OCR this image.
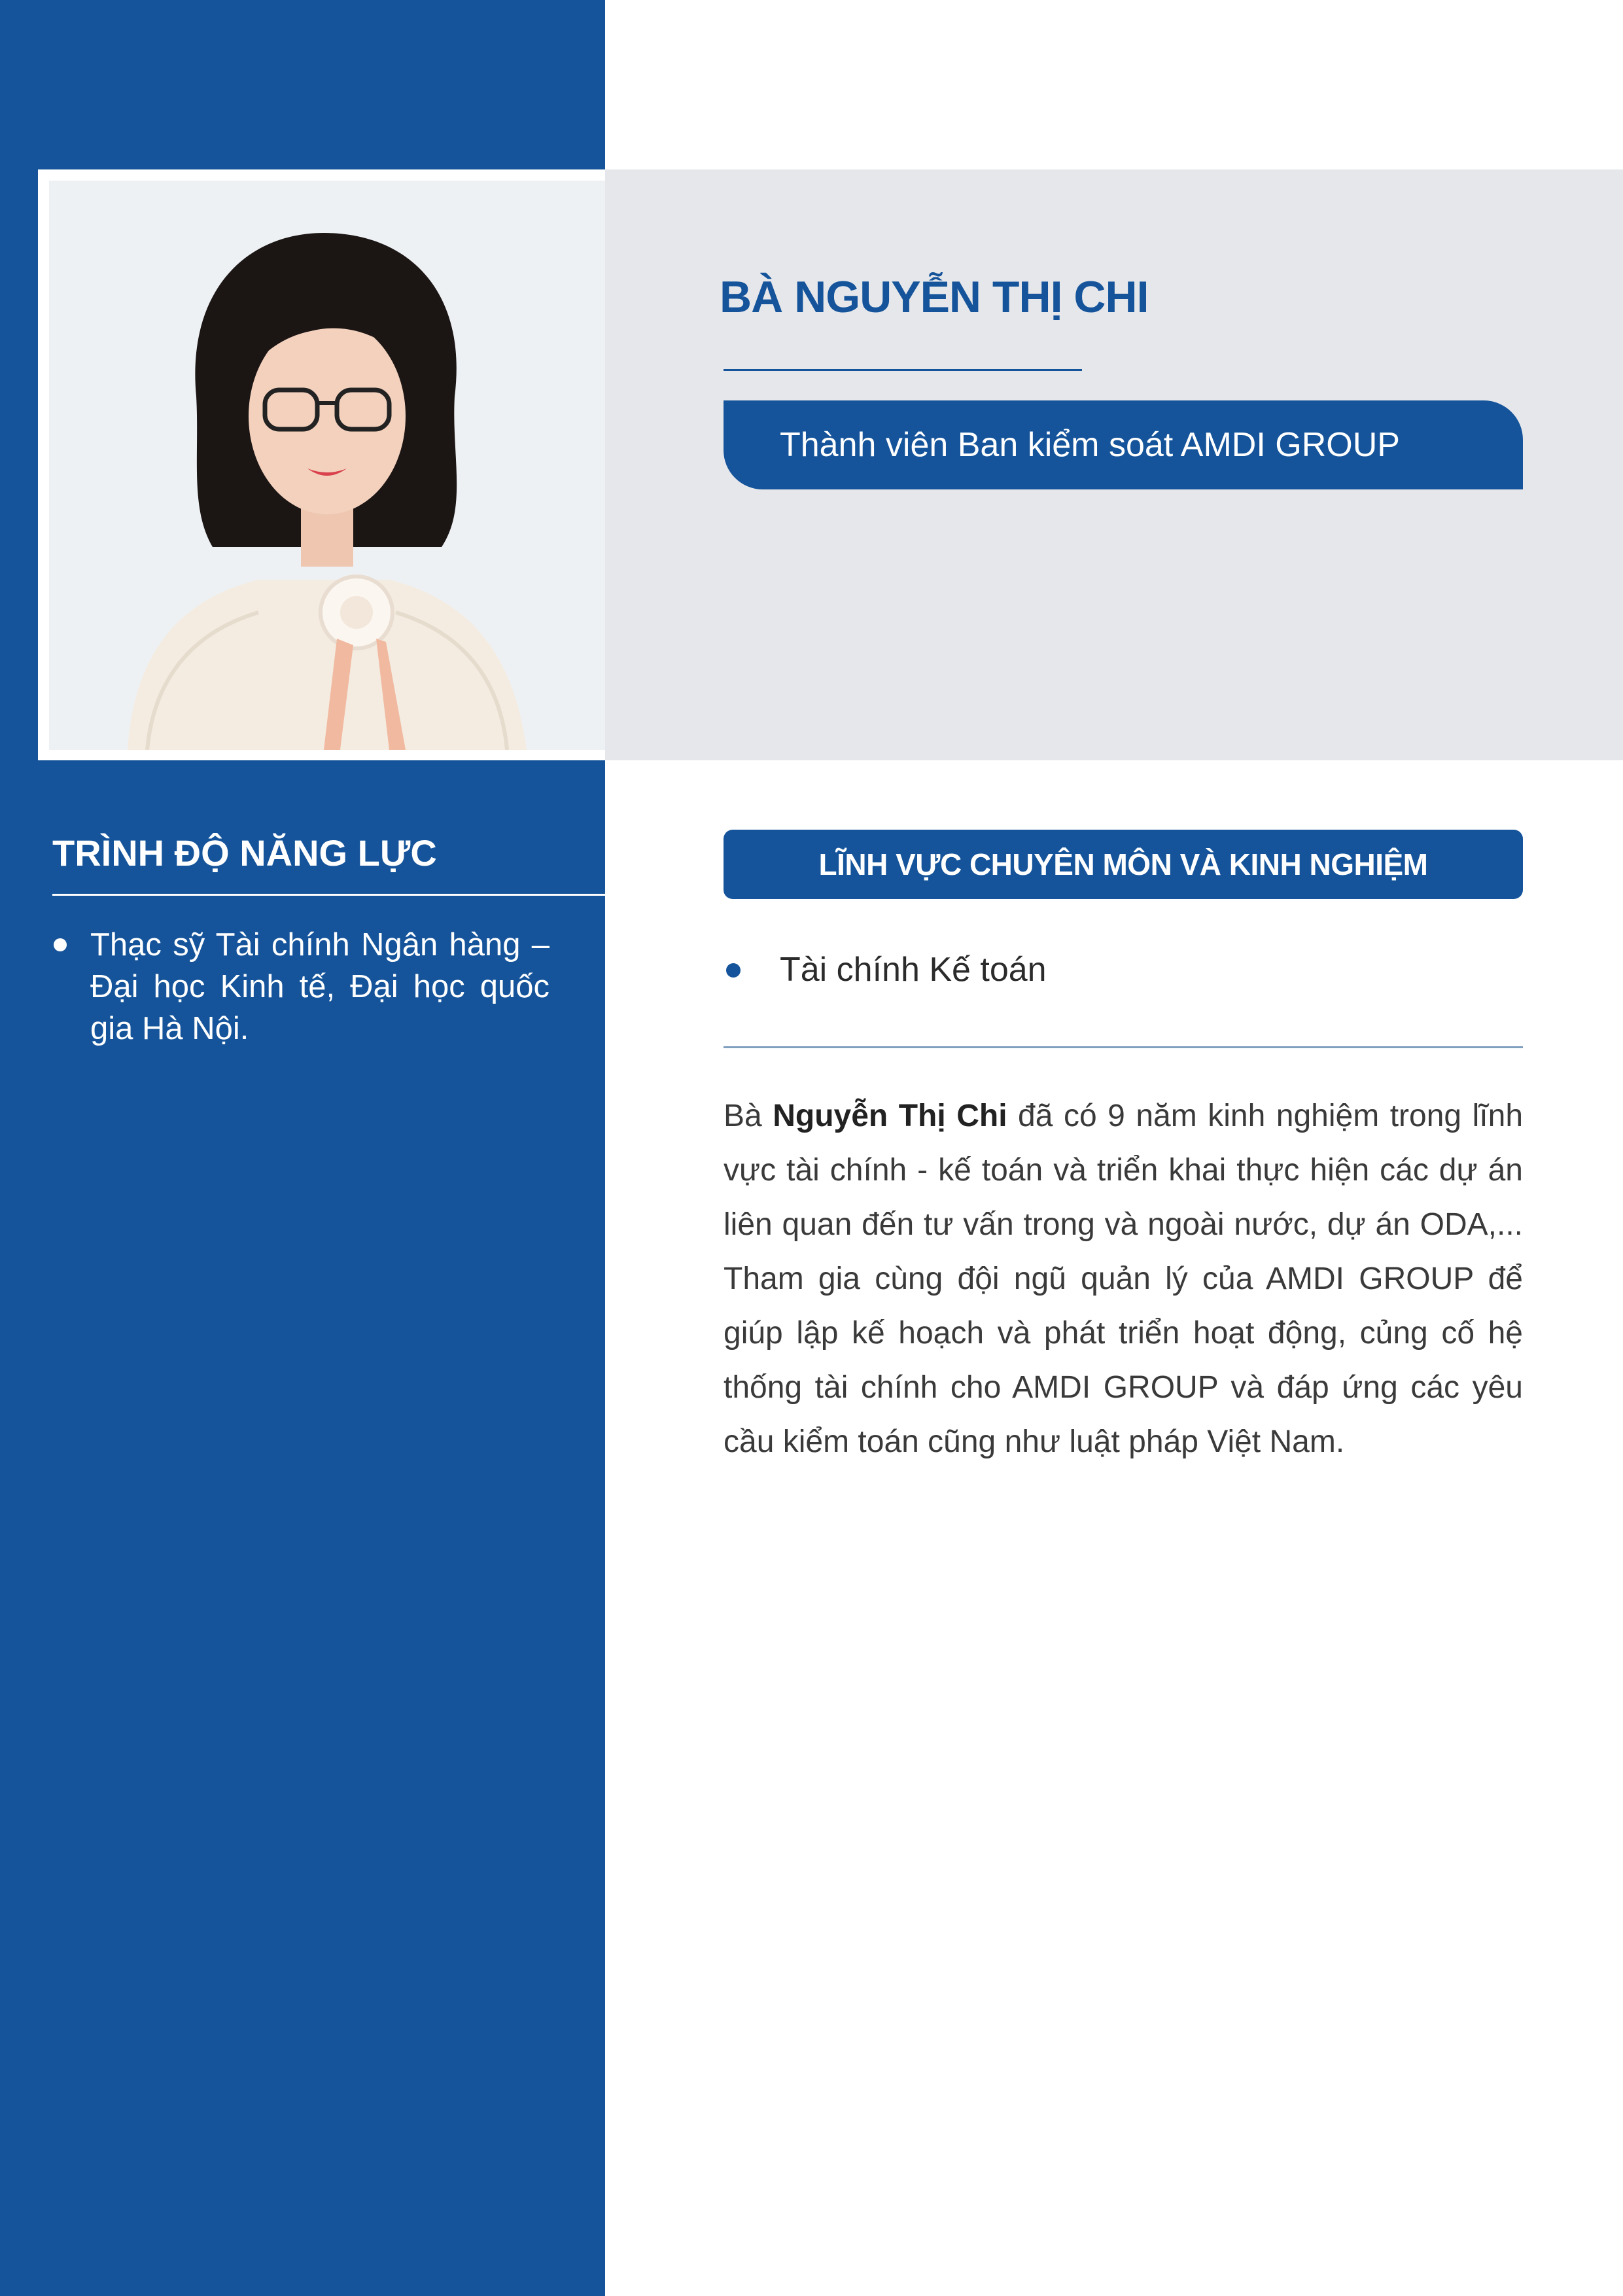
BÀ NGUYỄN THỊ CHI
Thành viên Ban kiểm soát AMDI GROUP
TRÌNH ĐỘ NĂNG LỰC
Thạc sỹ Tài chính Ngân hàng – Đại học Kinh tế, Đại học quốc gia Hà Nội.
LĨNH VỰC CHUYÊN MÔN VÀ KINH NGHIỆM
Tài chính Kế toán

Bà Nguyễn Thị Chi đã có 9 năm kinh nghiệm trong lĩnh vực tài chính - kế toán và triển khai thực hiện các dự án liên quan đến tư vấn trong và ngoài nước, dự án ODA,... Tham gia cùng đội ngũ quản lý của AMDI GROUP để giúp lập kế hoạch và phát triển hoạt động, củng cố hệ thống tài chính cho AMDI GROUP và đáp ứng các yêu cầu kiểm toán cũng như luật pháp Việt Nam.
